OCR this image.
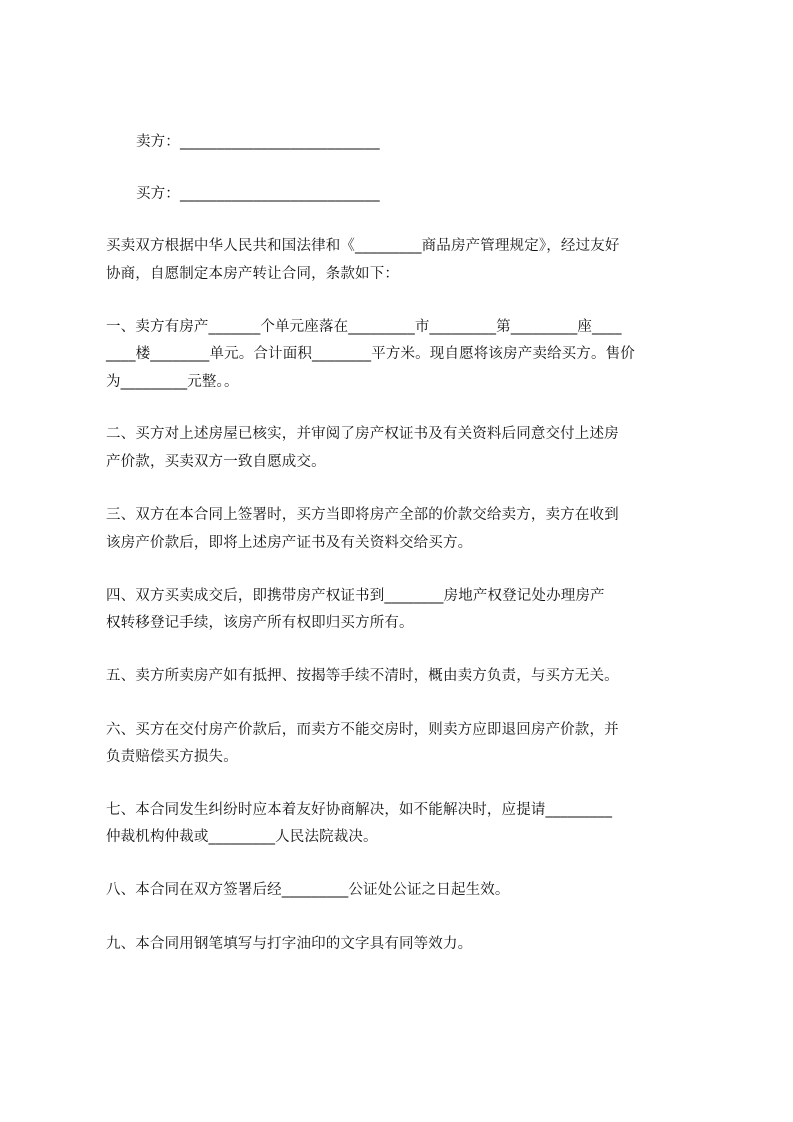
卖方：___________________________
买方：___________________________
买卖双方根据中华人民共和国法律和《_________商品房产管理规定》，经过友好
协商，自愿制定本房产转让合同，条款如下：
一、卖方有房产_______个单元座落在_________市_________第_________座____
____楼________单元。合计面积________平方米。现自愿将该房产卖给买方。售价
为_________元整。。
二、买方对上述房屋已核实，并审阅了房产权证书及有关资料后同意交付上述房
产价款，买卖双方一致自愿成交。
三、双方在本合同上签署时，买方当即将房产全部的价款交给卖方，卖方在收到
该房产价款后，即将上述房产证书及有关资料交给买方。
四、双方买卖成交后，即携带房产权证书到________房地产权登记处办理房产
权转移登记手续，该房产所有权即归买方所有。
五、卖方所卖房产如有抵押、按揭等手续不清时，概由卖方负责，与买方无关。
六、买方在交付房产价款后，而卖方不能交房时，则卖方应即退回房产价款，并
负责赔偿买方损失。
七、本合同发生纠纷时应本着友好协商解决，如不能解决时，应提请_________
仲裁机构仲裁或_________人民法院裁决。
八、本合同在双方签署后经_________公证处公证之日起生效。
九、本合同用钢笔填写与打字油印的文字具有同等效力。
